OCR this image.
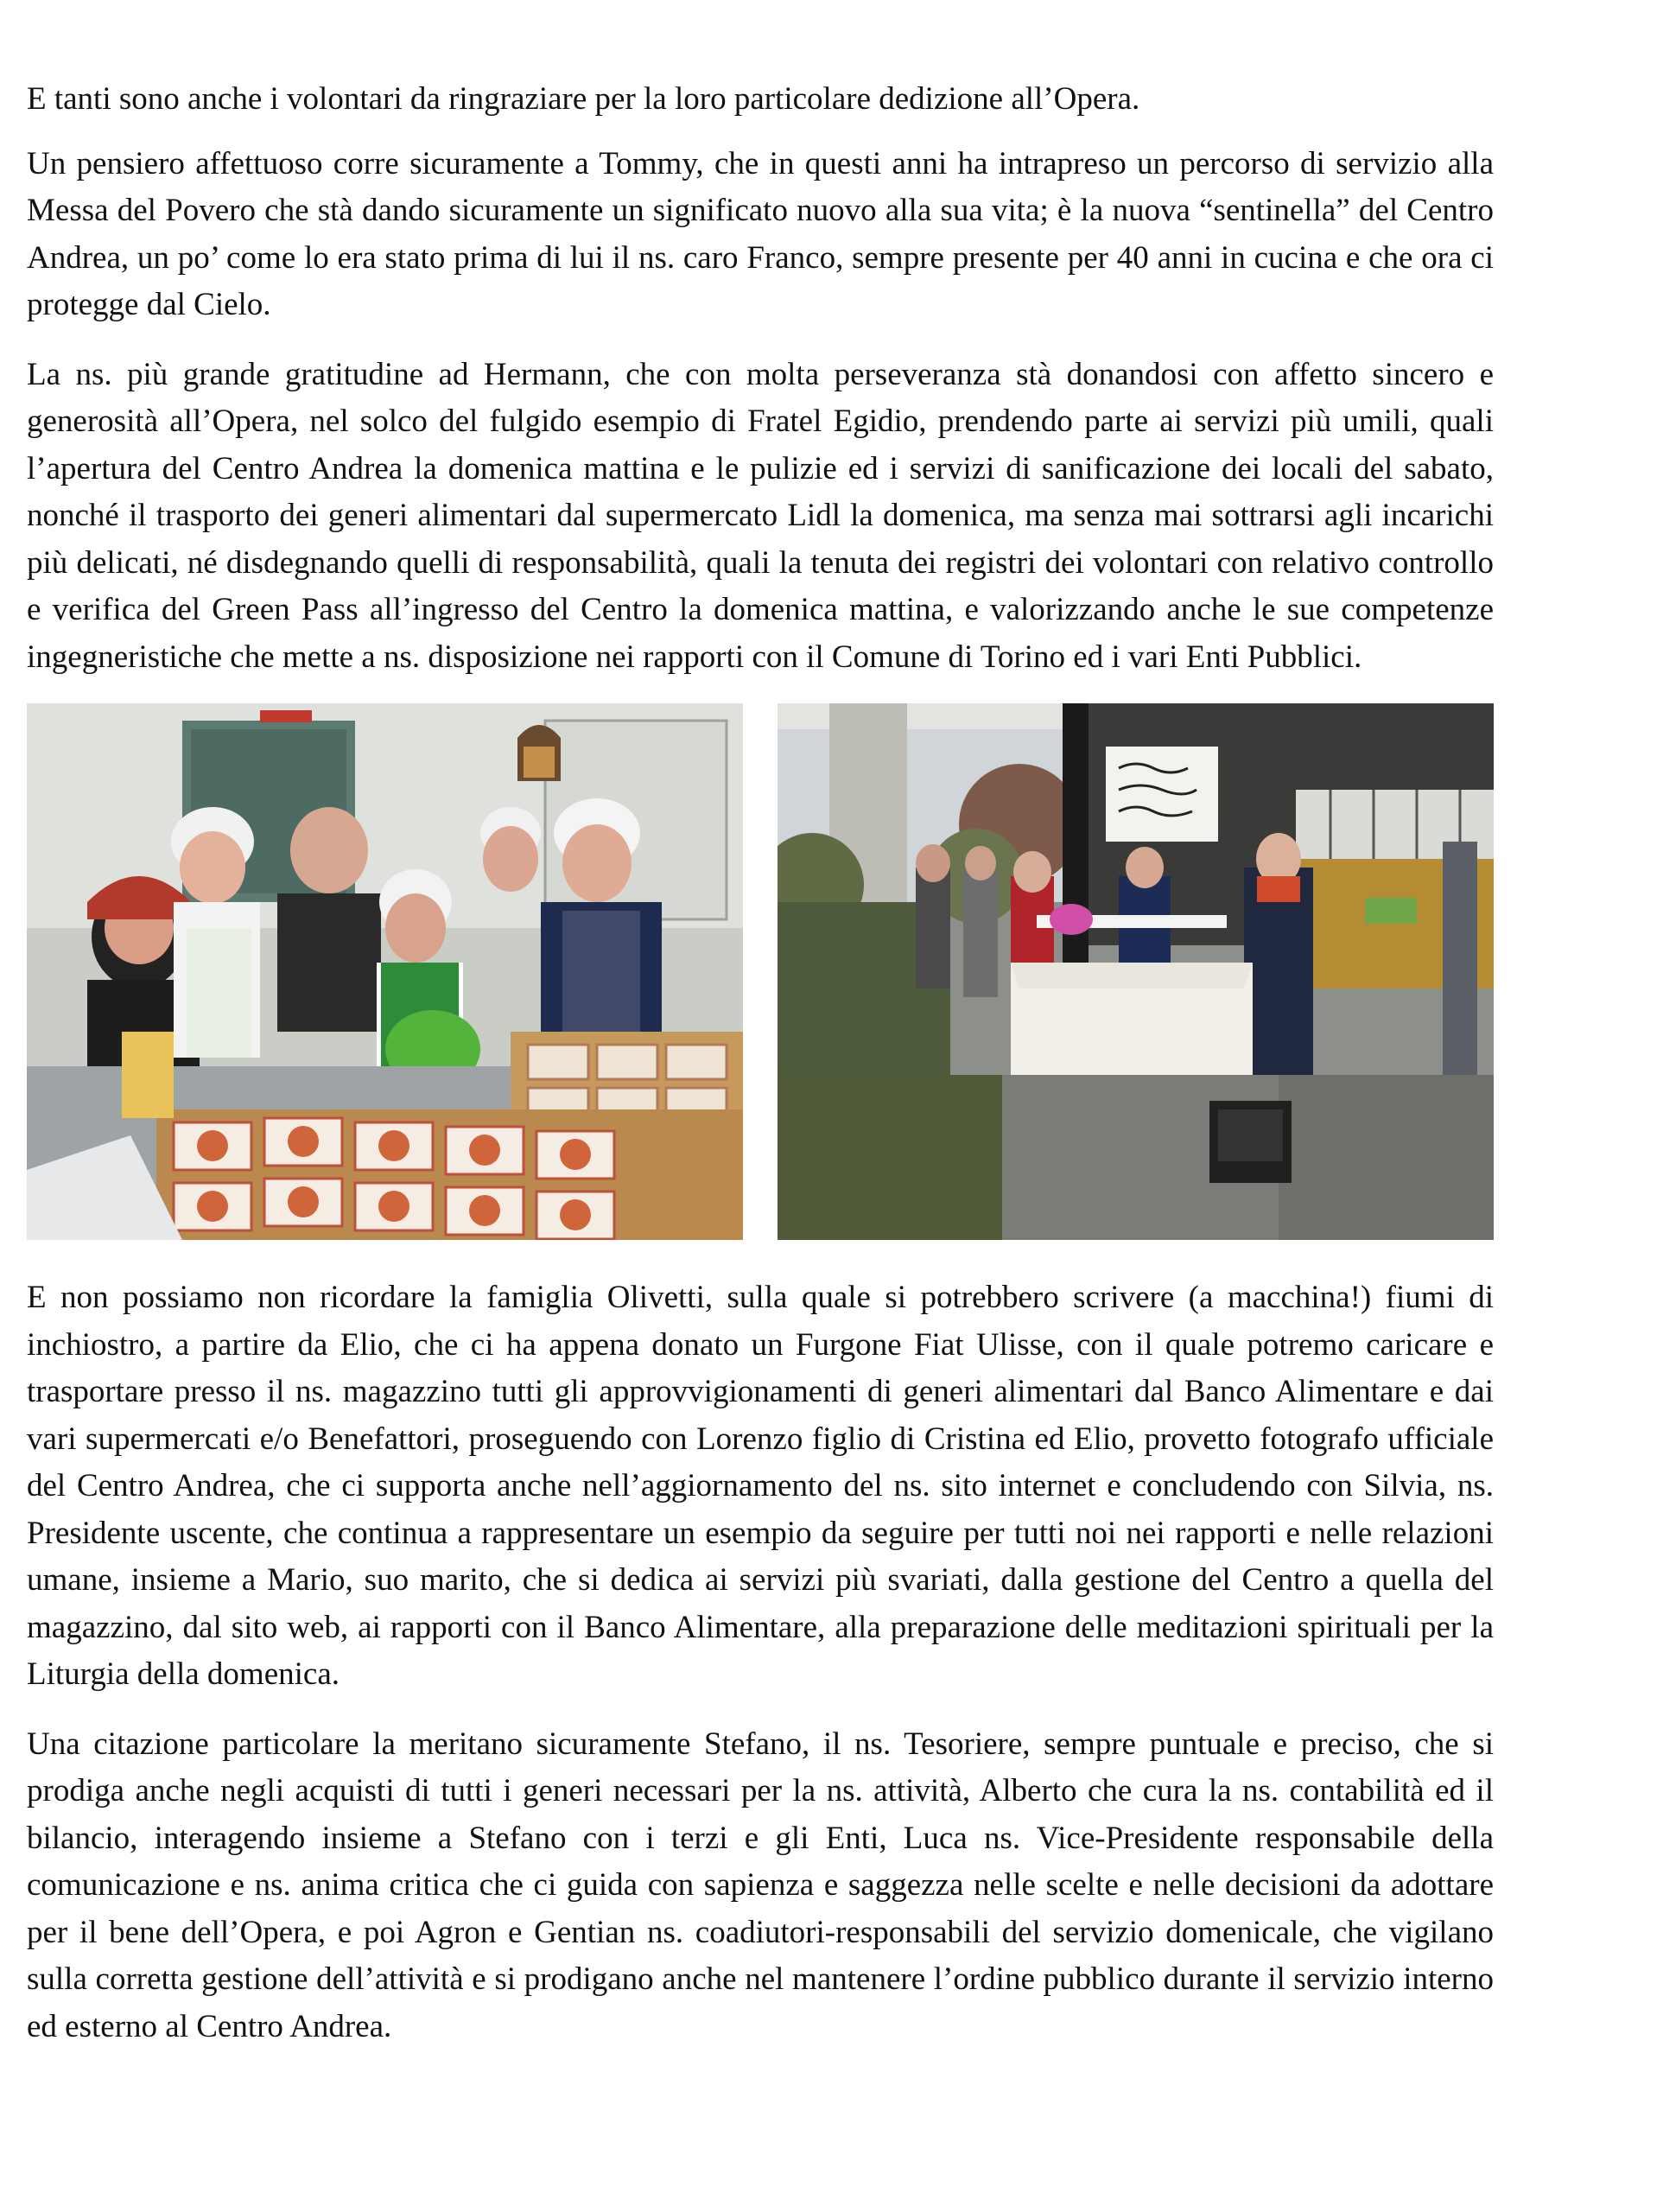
E tanti sono anche i volontari da ringraziare per la loro particolare dedizione all’Opera.

Un pensiero affettuoso corre sicuramente a Tommy, che in questi anni ha intrapreso un percorso di servizio alla Messa del Povero che stà dando sicuramente un significato nuovo alla sua vita; è la nuova “sentinella” del Centro Andrea, un po’ come lo era stato prima di lui il ns. caro Franco, sempre presente per 40 anni in cucina e che ora ci protegge dal Cielo.

La ns. più grande gratitudine ad Hermann, che con molta perseveranza stà donandosi con affetto sincero e generosità all’Opera, nel solco del fulgido esempio di Fratel Egidio, prendendo parte ai servizi più umili, quali l’apertura del Centro Andrea la domenica mattina e le pulizie ed i servizi di sanificazione dei locali del sabato, nonché il trasporto dei generi alimentari dal supermercato Lidl la domenica, ma senza mai sottrarsi agli incarichi più delicati, né disdegnando quelli di responsabilità, quali la tenuta dei registri dei volontari con relativo controllo e verifica del Green Pass all’ingresso del Centro la domenica mattina, e valorizzando anche le sue competenze ingegneristiche che mette a ns. disposizione nei rapporti con il Comune di Torino ed i vari Enti Pubblici.

E non possiamo non ricordare la famiglia Olivetti, sulla quale si potrebbero scrivere (a macchina!) fiumi di inchiostro, a partire da Elio, che ci ha appena donato un Furgone Fiat Ulisse, con il quale potremo caricare e trasportare presso il ns. magazzino tutti gli approvvigionamenti di generi alimentari dal Banco Alimentare e dai vari supermercati e/o Benefattori, proseguendo con Lorenzo figlio di Cristina ed Elio, provetto fotografo ufficiale del Centro Andrea, che ci supporta anche nell’aggiornamento del ns. sito internet e concludendo con Silvia, ns. Presidente uscente, che continua a rappresentare un esempio da seguire per tutti noi nei rapporti e nelle relazioni umane, insieme a Mario, suo marito, che si dedica ai servizi più svariati, dalla gestione del Centro a quella del magazzino, dal sito web, ai rapporti con il Banco Alimentare, alla preparazione delle meditazioni spirituali per la Liturgia della domenica.

Una citazione particolare la meritano sicuramente Stefano, il ns. Tesoriere, sempre puntuale e preciso, che si prodiga anche negli acquisti di tutti i generi necessari per la ns. attività, Alberto che cura la ns. contabilità ed il bilancio, interagendo insieme a Stefano con i terzi e gli Enti, Luca ns. Vice-Presidente responsabile della comunicazione e ns. anima critica che ci guida con sapienza e saggezza nelle scelte e nelle decisioni da adottare per il bene dell’Opera, e poi Agron e Gentian ns. coadiutori-responsabili del servizio domenicale, che vigilano sulla corretta gestione dell’attività e si prodigano anche nel mantenere l’ordine pubblico durante il servizio interno ed esterno al Centro Andrea.
